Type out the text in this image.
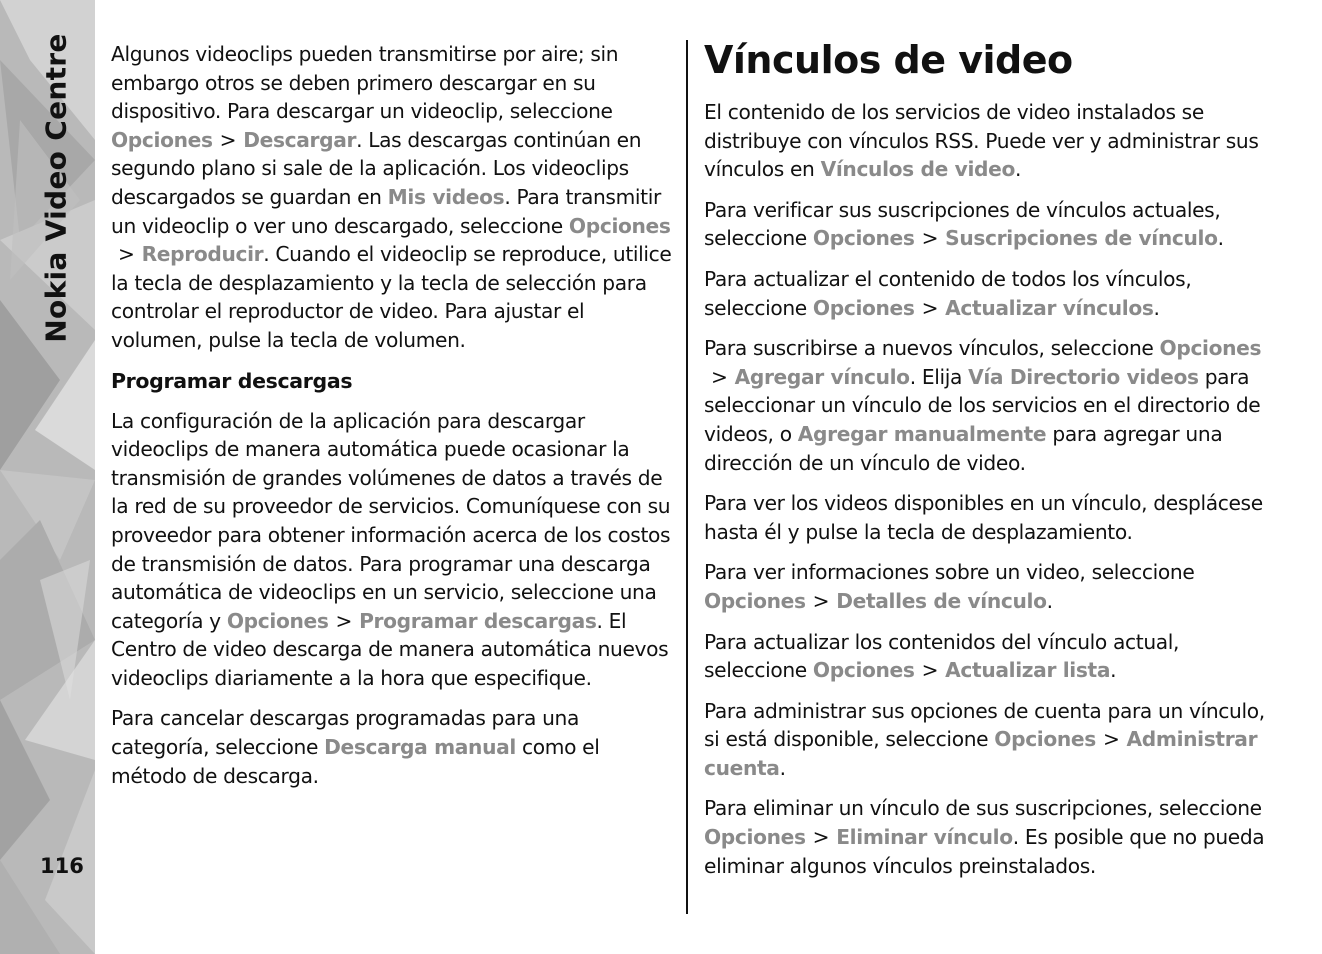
Nokia Video Centre
116

Algunos videoclips pueden transmitirse por aire; sin embargo otros se deben primero descargar en su dispositivo. Para descargar un videoclip, seleccione Opciones > Descargar. Las descargas continúan en segundo plano si sale de la aplicación. Los videoclips descargados se guardan en Mis videos. Para transmitir un videoclip o ver uno descargado, seleccione Opciones> Reproducir. Cuando el videoclip se reproduce, utilice la tecla de desplazamiento y la tecla de selección para controlar el reproductor de video. Para ajustar el volumen, pulse la tecla de volumen.

Programar descargas

La configuración de la aplicación para descargar videoclips de manera automática puede ocasionar la transmisión de grandes volúmenes de datos a través de la red de su proveedor de servicios. Comuníquese con su proveedor para obtener información acerca de los costos de transmisión de datos. Para programar una descarga automática de videoclips en un servicio, seleccione una categoría y Opciones > Programar descargas. El Centro de video descarga de manera automática nuevos videoclips diariamente a la hora que especifique.

Para cancelar descargas programadas para una categoría, seleccione Descarga manual como el método de descarga.

Vínculos de video

El contenido de los servicios de video instalados se distribuye con vínculos RSS. Puede ver y administrar sus vínculos en Vínculos de video.

Para verificar sus suscripciones de vínculos actuales, seleccione Opciones > Suscripciones de vínculo.

Para actualizar el contenido de todos los vínculos, seleccione Opciones > Actualizar vínculos.

Para suscribirse a nuevos vínculos, seleccione Opciones> Agregar vínculo. Elija Vía Directorio videos para seleccionar un vínculo de los servicios en el directorio de videos, o Agregar manualmente para agregar una dirección de un vínculo de video.

Para ver los videos disponibles en un vínculo, desplácese hasta él y pulse la tecla de desplazamiento.

Para ver informaciones sobre un video, seleccione Opciones > Detalles de vínculo.

Para actualizar los contenidos del vínculo actual, seleccione Opciones > Actualizar lista.

Para administrar sus opciones de cuenta para un vínculo, si está disponible, seleccione Opciones > Administrar cuenta.

Para eliminar un vínculo de sus suscripciones, seleccione Opciones > Eliminar vínculo. Es posible que no pueda eliminar algunos vínculos preinstalados.
